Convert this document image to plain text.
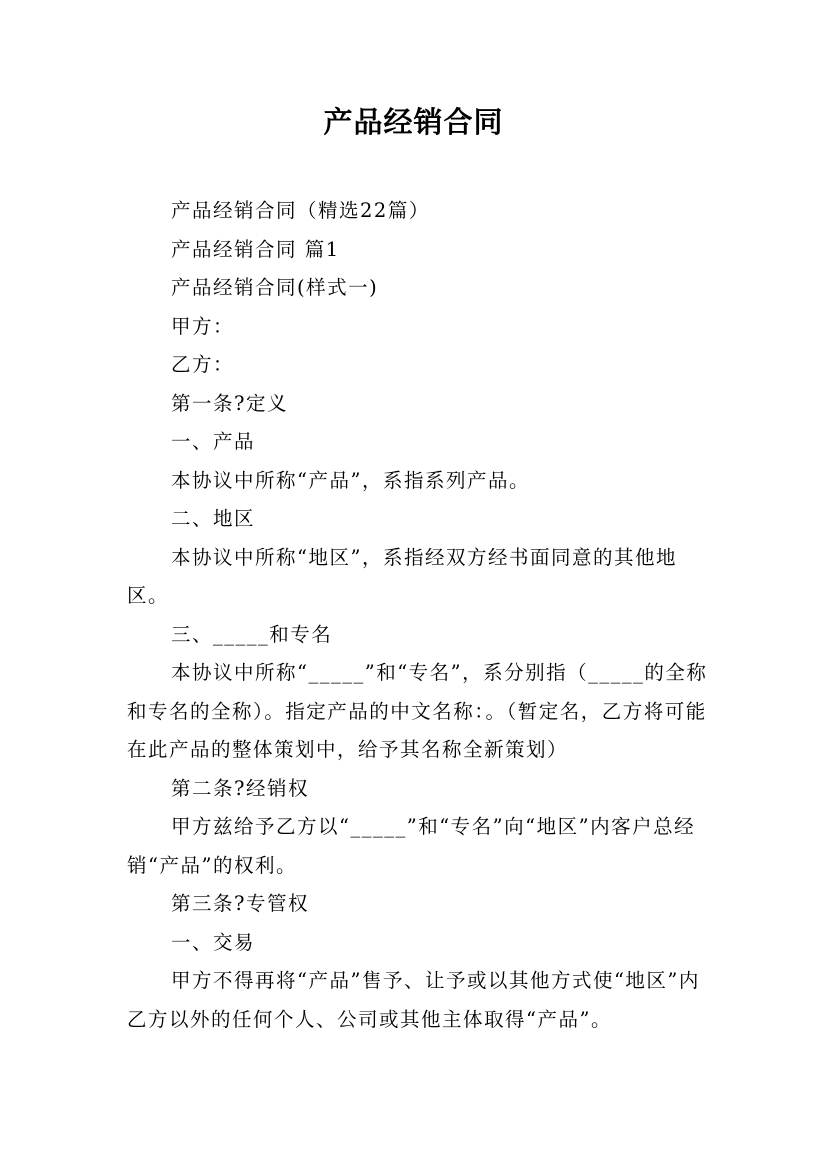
产品经销合同

产品经销合同（精选22篇）

产品经销合同 篇1

产品经销合同(样式一)

甲方：

乙方：

第一条?定义

一、产品

本协议中所称“产品”，系指系列产品。

二、地区

本协议中所称“地区”，系指经双方经书面同意的其他地区。

三、_____和专名

本协议中所称“_____”和“专名”，系分别指（_____的全称和专名的全称）。指定产品的中文名称：。（暂定名，乙方将可能在此产品的整体策划中，给予其名称全新策划）

第二条?经销权

甲方兹给予乙方以“_____”和“专名”向“地区”内客户总经销“产品”的权利。

第三条?专管权

一、交易

甲方不得再将“产品”售予、让予或以其他方式使“地区”内乙方以外的任何个人、公司或其他主体取得“产品”。
